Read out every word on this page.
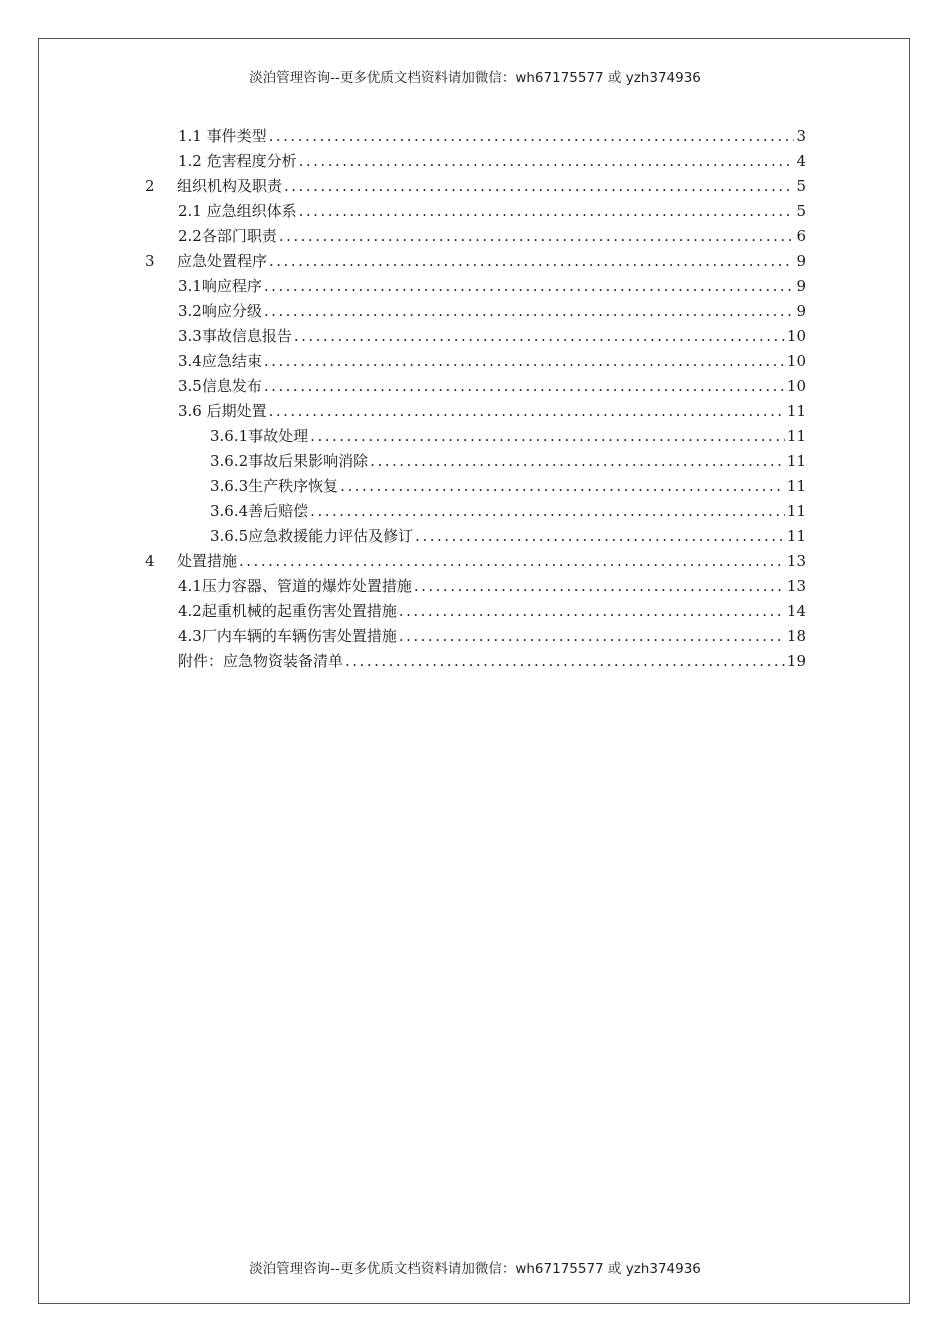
淡泊管理咨询--更多优质文档资料请加微信：wh67175577 或 yzh374936
1.1 事件类型 .....	3
1.2 危害程度分析 .....	4
2	组织机构及职责 .....	5
2.1 应急组织体系 .....	5
2.2各部门职责 .....	6
3	应急处置程序 .....	9
3.1响应程序 .....	9
3.2响应分级 .....	9
3.3事故信息报告 .....	10
3.4应急结束 .....	10
3.5信息发布 .....	10
3.6 后期处置 .....	11
3.6.1事故处理 .....	11
3.6.2事故后果影响消除 .....	11
3.6.3生产秩序恢复 .....	11
3.6.4善后赔偿 .....	11
3.6.5应急救援能力评估及修订 .....	11
4	处置措施 .....	13
4.1压力容器、管道的爆炸处置措施 .....	13
4.2起重机械的起重伤害处置措施 .....	14
4.3厂内车辆的车辆伤害处置措施 .....	18
附件：应急物资装备清单 .....	19
淡泊管理咨询--更多优质文档资料请加微信：wh67175577 或 yzh374936
